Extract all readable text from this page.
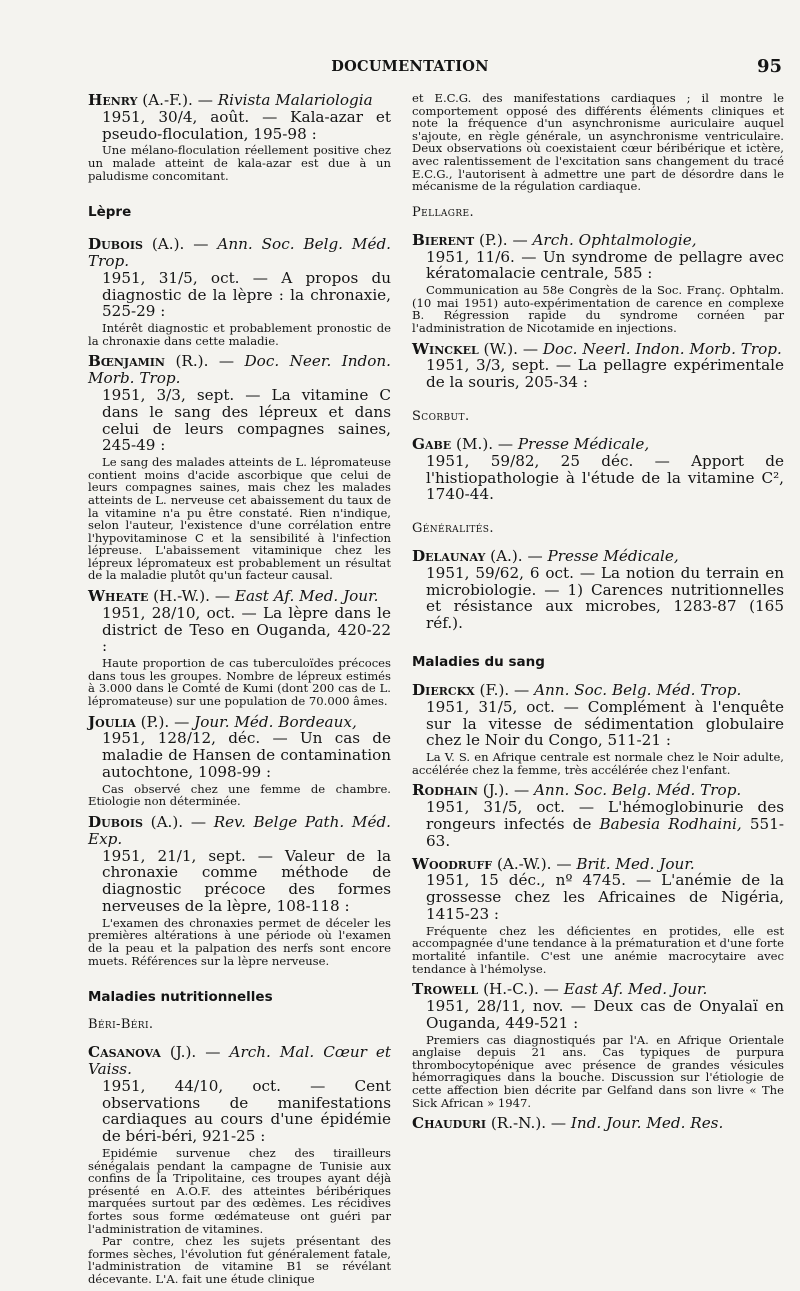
DOCUMENTATION	95

Henry (A.-F.). — Rivista Malariologia
1951, 30/4, août. — Kala-azar et pseudo-floculation, 195-98 :

Une mélano-floculation réellement positive chez un malade atteint de kala-azar est due à un paludisme concomitant.

Lèpre

Dubois (A.). — Ann. Soc. Belg. Méd. Trop.
1951, 31/5, oct. — A propos du diagnostic de la lèpre : la chronaxie, 525-29 :

Intérêt diagnostic et probablement pronostic de la chronaxie dans cette maladie.

Bœnjamin (R.). — Doc. Neer. Indon. Morb. Trop.
1951, 3/3, sept. — La vitamine C dans le sang des lépreux et dans celui de leurs compagnes saines, 245-49 :

Le sang des malades atteints de L. lépromateuse contient moins d'acide ascorbique que celui de leurs compagnes saines, mais chez les malades atteints de L. nerveuse cet abaissement du taux de la vitamine n'a pu être constaté. Rien n'indique, selon l'auteur, l'existence d'une corrélation entre l'hypovitaminose C et la sensibilité à l'infection lépreuse. L'abaissement vitaminique chez les lépreux lépromateux est probablement un résultat de la maladie plutôt qu'un facteur causal.

Wheate (H.-W.). — East Af. Med. Jour.
1951, 28/10, oct. — La lèpre dans le district de Teso en Ouganda, 420-22 :

Haute proportion de cas tuberculoïdes précoces dans tous les groupes. Nombre de lépreux estimés à 3.000 dans le Comté de Kumi (dont 200 cas de L. lépromateuse) sur une population de 70.000 âmes.

Joulia (P.). — Jour. Méd. Bordeaux,
1951, 128/12, déc. — Un cas de maladie de Hansen de contamination autochtone, 1098-99 :

Cas observé chez une femme de chambre. Etiologie non déterminée.

Dubois (A.). — Rev. Belge Path. Méd. Exp.
1951, 21/1, sept. — Valeur de la chronaxie comme méthode de diagnostic précoce des formes nerveuses de la lèpre, 108-118 :

L'examen des chronaxies permet de déceler les premières altérations à une période où l'examen de la peau et la palpation des nerfs sont encore muets. Références sur la lèpre nerveuse.

Maladies nutritionnelles

Béri-Béri.

Casanova (J.). — Arch. Mal. Cœur et Vaiss.
1951, 44/10, oct. — Cent observations de manifestations cardiaques au cours d'une épidémie de béri-béri, 921-25 :

Epidémie survenue chez des tirailleurs sénégalais pendant la campagne de Tunisie aux confins de la Tripolitaine, ces troupes ayant déjà présenté en A.O.F. des atteintes béribériques marquées surtout par des œdèmes. Les récidives fortes sous forme œdémateuse ont guéri par l'administration de vitamines.

Par contre, chez les sujets présentant des formes sèches, l'évolution fut généralement fatale, l'administration de vitamine B1 se révélant décevante. L'A. fait une étude clinique

et E.C.G. des manifestations cardiaques ; il montre le comportement opposé des différents éléments cliniques et note la fréquence d'un asynchronisme auriculaire auquel s'ajoute, en règle générale, un asynchronisme ventriculaire. Deux observations où coexistaient cœur béribérique et ictère, avec ralentissement de l'excitation sans changement du tracé E.C.G., l'autorisent à admettre une part de désordre dans le mécanisme de la régulation cardiaque.

Pellagre.

Bierent (P.). — Arch. Ophtalmologie,
1951, 11/6. — Un syndrome de pellagre avec kératomalacie centrale, 585 :

Communication au 58e Congrès de la Soc. Franç. Ophtalm. (10 mai 1951) auto-expérimentation de carence en complexe B. Régression rapide du syndrome cornéen par l'administration de Nicotamide en injections.

Winckel (W.). — Doc. Neerl. Indon. Morb. Trop.
1951, 3/3, sept. — La pellagre expérimentale de la souris, 205-34 :

Scorbut.

Gabe (M.). — Presse Médicale,
1951, 59/82, 25 déc. — Apport de l'histiopathologie à l'étude de la vitamine C², 1740-44.

Généralités.

Delaunay (A.). — Presse Médicale,
1951, 59/62, 6 oct. — La notion du terrain en microbiologie. — 1) Carences nutritionnelles et résistance aux microbes, 1283-87 (165 réf.).

Maladies du sang

Dierckx (F.). — Ann. Soc. Belg. Méd. Trop.
1951, 31/5, oct. — Complément à l'enquête sur la vitesse de sédimentation globulaire chez le Noir du Congo, 511-21 :

La V. S. en Afrique centrale est normale chez le Noir adulte, accélérée chez la femme, très accélérée chez l'enfant.

Rodhain (J.). — Ann. Soc. Belg. Méd. Trop.
1951, 31/5, oct. — L'hémoglobinurie des rongeurs infectés de Babesia Rodhaini, 551-63.

Woodruff (A.-W.). — Brit. Med. Jour.
1951, 15 déc., nº 4745. — L'anémie de la grossesse chez les Africaines de Nigéria, 1415-23 :

Fréquente chez les déficientes en protides, elle est accompagnée d'une tendance à la prématuration et d'une forte mortalité infantile. C'est une anémie macrocytaire avec tendance à l'hémolyse.

Trowell (H.-C.). — East Af. Med. Jour.
1951, 28/11, nov. — Deux cas de Onyalaï en Ouganda, 449-521 :

Premiers cas diagnostiqués par l'A. en Afrique Orientale anglaise depuis 21 ans. Cas typiques de purpura thrombocytopénique avec présence de grandes vésicules hémorragiques dans la bouche. Discussion sur l'étiologie de cette affection bien décrite par Gelfand dans son livre « The Sick African » 1947.

Chauduri (R.-N.). — Ind. Jour. Med. Res.
